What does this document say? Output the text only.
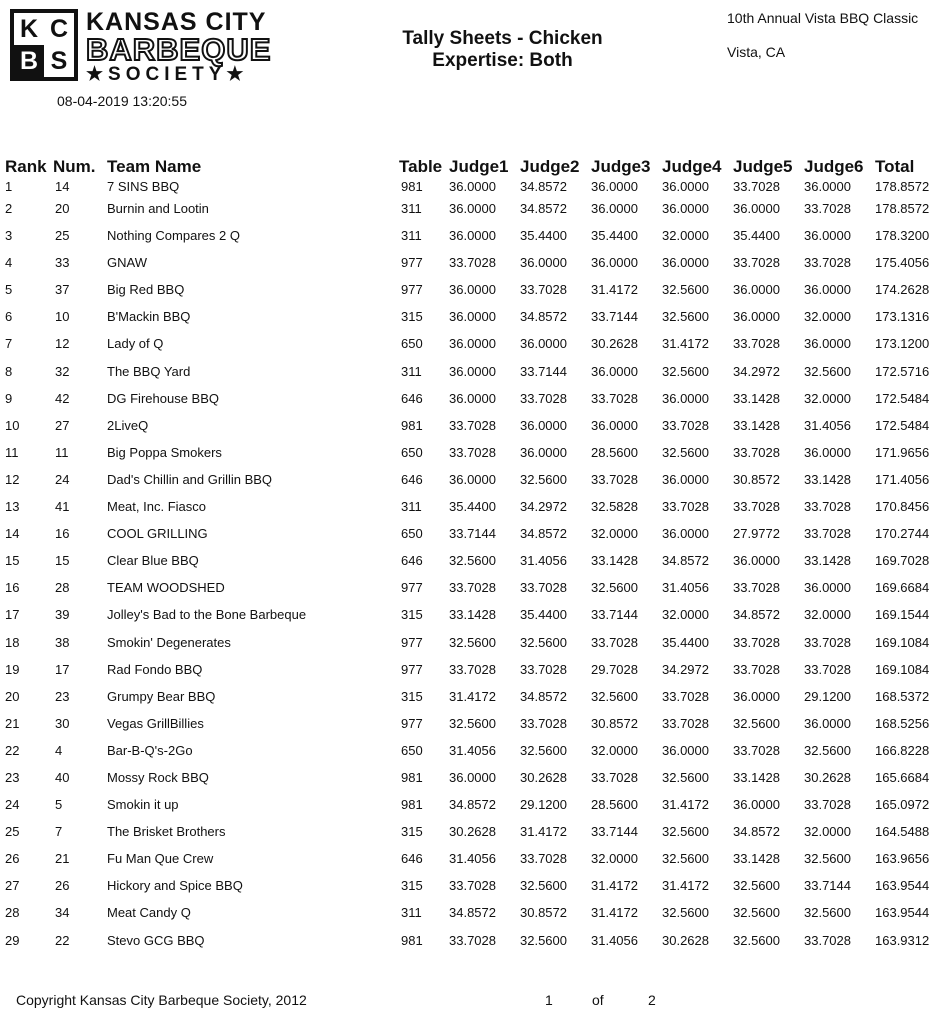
K C
B S
KANSAS CITY
BARBEQUE
★SOCIETY★
08-04-2019 13:20:55
Tally Sheets - Chicken
Expertise: Both
10th Annual Vista BBQ Classic
Vista, CA
Rank	Num.	Team Name	Table	Judge1	Judge2	Judge3	Judge4	Judge5	Judge6	Total
1	14	7 SINS BBQ	981	36.0000	34.8572	36.0000	36.0000	33.7028	36.0000	178.8572
2	20	Burnin and Lootin	311	36.0000	34.8572	36.0000	36.0000	36.0000	33.7028	178.8572
3	25	Nothing Compares 2 Q	311	36.0000	35.4400	35.4400	32.0000	35.4400	36.0000	178.3200
4	33	GNAW	977	33.7028	36.0000	36.0000	36.0000	33.7028	33.7028	175.4056
5	37	Big Red BBQ	977	36.0000	33.7028	31.4172	32.5600	36.0000	36.0000	174.2628
6	10	B'Mackin BBQ	315	36.0000	34.8572	33.7144	32.5600	36.0000	32.0000	173.1316
7	12	Lady of Q	650	36.0000	36.0000	30.2628	31.4172	33.7028	36.0000	173.1200
8	32	The BBQ Yard	311	36.0000	33.7144	36.0000	32.5600	34.2972	32.5600	172.5716
9	42	DG Firehouse BBQ	646	36.0000	33.7028	33.7028	36.0000	33.1428	32.0000	172.5484
10	27	2LiveQ	981	33.7028	36.0000	36.0000	33.7028	33.1428	31.4056	172.5484
11	11	Big Poppa Smokers	650	33.7028	36.0000	28.5600	32.5600	33.7028	36.0000	171.9656
12	24	Dad's Chillin and Grillin BBQ	646	36.0000	32.5600	33.7028	36.0000	30.8572	33.1428	171.4056
13	41	Meat, Inc. Fiasco	311	35.4400	34.2972	32.5828	33.7028	33.7028	33.7028	170.8456
14	16	COOL GRILLING	650	33.7144	34.8572	32.0000	36.0000	27.9772	33.7028	170.2744
15	15	Clear Blue BBQ	646	32.5600	31.4056	33.1428	34.8572	36.0000	33.1428	169.7028
16	28	TEAM WOODSHED	977	33.7028	33.7028	32.5600	31.4056	33.7028	36.0000	169.6684
17	39	Jolley's Bad to the Bone Barbeque	315	33.1428	35.4400	33.7144	32.0000	34.8572	32.0000	169.1544
18	38	Smokin' Degenerates	977	32.5600	32.5600	33.7028	35.4400	33.7028	33.7028	169.1084
19	17	Rad Fondo BBQ	977	33.7028	33.7028	29.7028	34.2972	33.7028	33.7028	169.1084
20	23	Grumpy Bear BBQ	315	31.4172	34.8572	32.5600	33.7028	36.0000	29.1200	168.5372
21	30	Vegas GrillBillies	977	32.5600	33.7028	30.8572	33.7028	32.5600	36.0000	168.5256
22	4	Bar-B-Q's-2Go	650	31.4056	32.5600	32.0000	36.0000	33.7028	32.5600	166.8228
23	40	Mossy Rock BBQ	981	36.0000	30.2628	33.7028	32.5600	33.1428	30.2628	165.6684
24	5	Smokin it up	981	34.8572	29.1200	28.5600	31.4172	36.0000	33.7028	165.0972
25	7	The Brisket Brothers	315	30.2628	31.4172	33.7144	32.5600	34.8572	32.0000	164.5488
26	21	Fu Man Que Crew	646	31.4056	33.7028	32.0000	32.5600	33.1428	32.5600	163.9656
27	26	Hickory and Spice BBQ	315	33.7028	32.5600	31.4172	31.4172	32.5600	33.7144	163.9544
28	34	Meat Candy Q	311	34.8572	30.8572	31.4172	32.5600	32.5600	32.5600	163.9544
29	22	Stevo GCG BBQ	981	33.7028	32.5600	31.4056	30.2628	32.5600	33.7028	163.9312
Copyright Kansas City Barbeque Society, 2012	1	of	2
